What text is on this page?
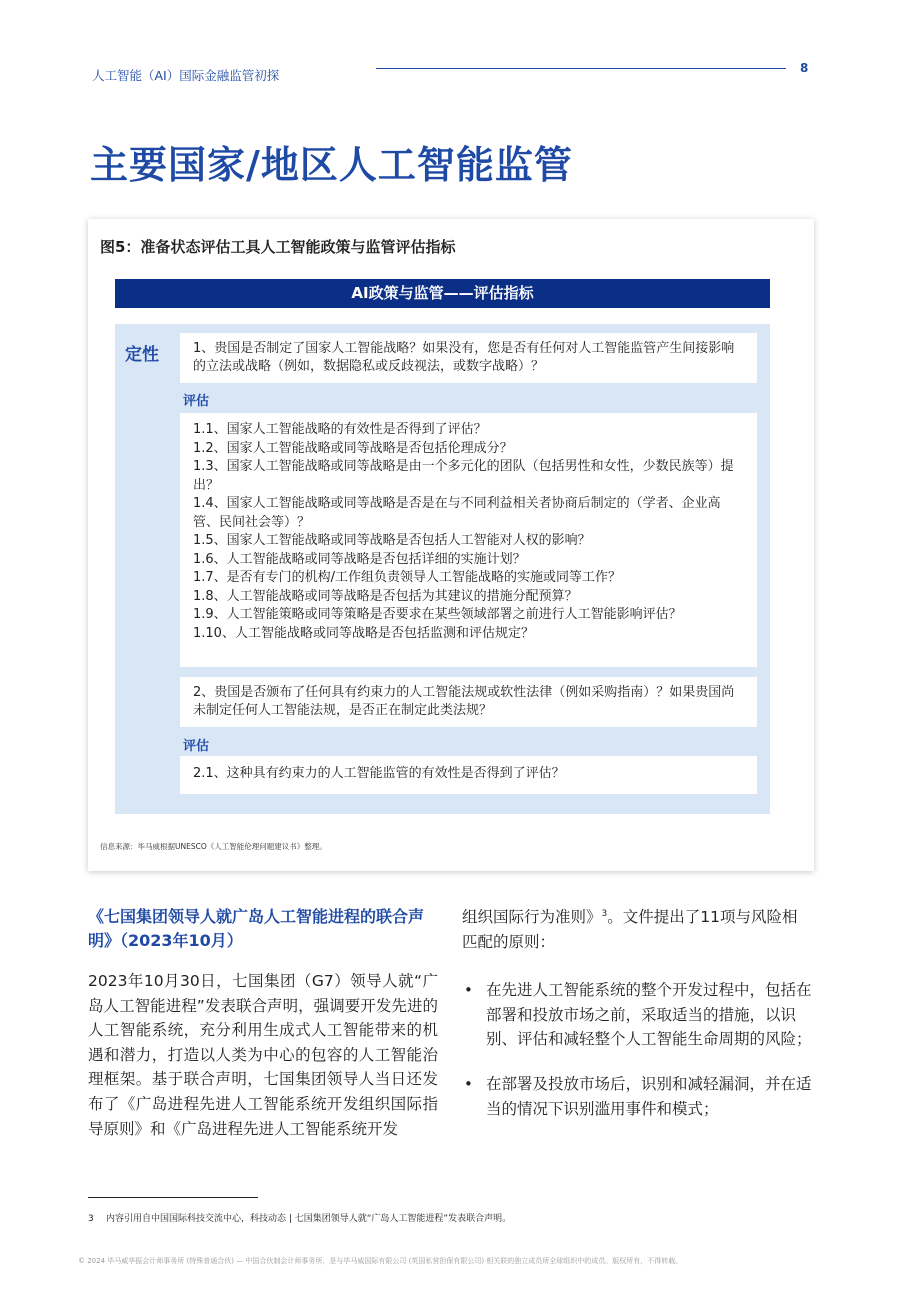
人工智能（AI）国际金融监管初探	8
主要国家/地区人工智能监管
图5：准备状态评估工具人工智能政策与监管评估指标
AI政策与监管——评估指标
定性	1、贵国是否制定了国家人工智能战略？如果没有，您是否有任何对人工智能监管产生间接影响的立法或战略（例如，数据隐私或反歧视法，或数字战略）？
评估
1.1、国家人工智能战略的有效性是否得到了评估？
1.2、国家人工智能战略或同等战略是否包括伦理成分？
1.3、国家人工智能战略或同等战略是由一个多元化的团队（包括男性和女性，少数民族等）提出？
1.4、国家人工智能战略或同等战略是否是在与不同利益相关者协商后制定的（学者、企业高管、民间社会等）？
1.5、国家人工智能战略或同等战略是否包括人工智能对人权的影响？
1.6、人工智能战略或同等战略是否包括详细的实施计划？
1.7、是否有专门的机构/工作组负责领导人工智能战略的实施或同等工作？
1.8、人工智能战略或同等战略是否包括为其建议的措施分配预算？
1.9、人工智能策略或同等策略是否要求在某些领域部署之前进行人工智能影响评估？
1.10、人工智能战略或同等战略是否包括监测和评估规定？
2、贵国是否颁布了任何具有约束力的人工智能法规或软性法律（例如采购指南）？如果贵国尚未制定任何人工智能法规，是否正在制定此类法规？
评估
2.1、这种具有约束力的人工智能监管的有效性是否得到了评估？
信息来源：毕马威根据UNESCO《人工智能伦理问题建议书》整理。
《七国集团领导人就广岛人工智能进程的联合声明》（2023年10月）

2023年10月30日，七国集团（G7）领导人就“广岛人工智能进程”发表联合声明，强调要开发先进的人工智能系统，充分利用生成式人工智能带来的机遇和潜力，打造以人类为中心的包容的人工智能治理框架。基于联合声明，七国集团领导人当日还发布了《广岛进程先进人工智能系统开发组织国际指导原则》和《广岛进程先进人工智能系统开发

组织国际行为准则》$^3$。文件提出了11项与风险相匹配的原则：

• 在先进人工智能系统的整个开发过程中，包括在部署和投放市场之前，采取适当的措施，以识别、评估和减轻整个人工智能生命周期的风险；
• 在部署及投放市场后，识别和减轻漏洞，并在适当的情况下识别滥用事件和模式；
3 内容引用自中国国际科技交流中心，科技动态 | 七国集团领导人就“广岛人工智能进程”发表联合声明。
© 2024 毕马威华振会计师事务所 (特殊普通合伙) — 中国合伙制会计师事务所，是与毕马威国际有限公司 (英国私营担保有限公司) 相关联的独立成员所全球组织中的成员。版权所有，不得转载。
